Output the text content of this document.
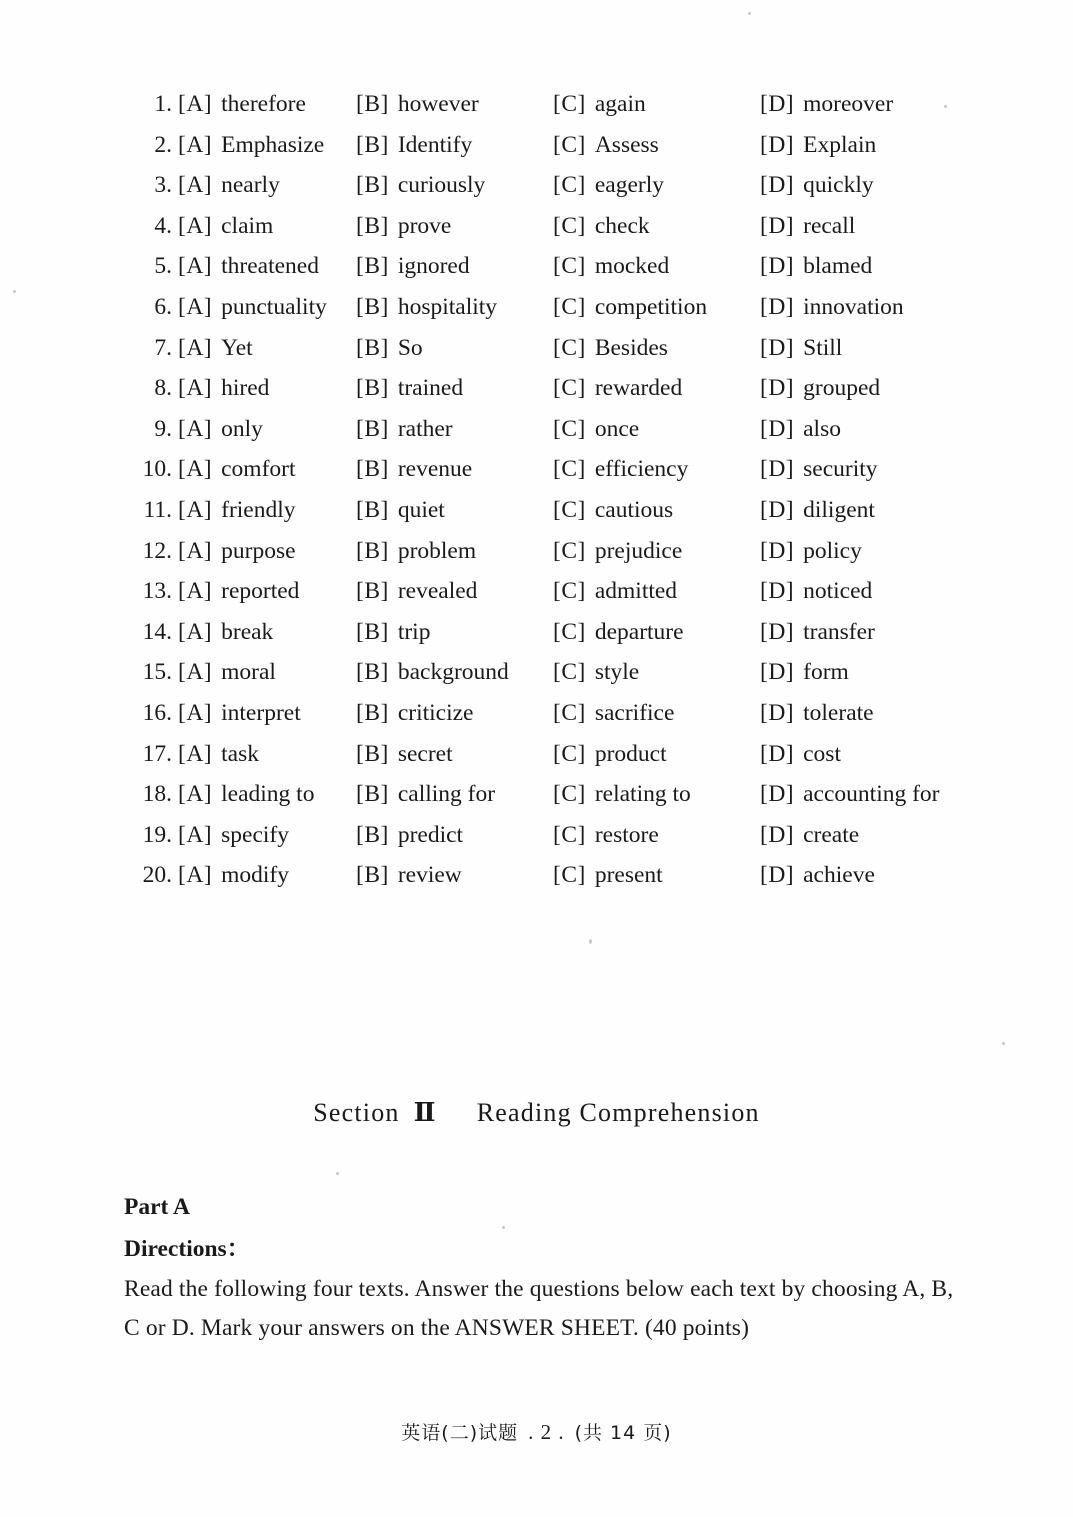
1. [A] therefore [B] however	[C] again	[D] moreover
2. [A] Emphasize [B] Identify	[C] Assess	[D] Explain
3. [A] nearly	[B] curiously	[C] eagerly	[D] quickly
4. [A] claim	[B] prove	[C] check	[D] recall
5. [A] threatened [B] ignored	[C] mocked	[D] blamed
6. [A] punctuality [B] hospitality [C] competition [D] innovation
7. [A] Yet	[B] So	[C] Besides	[D] Still
8. [A] hired	[B] trained	[C] rewarded	[D] grouped
9. [A] only	[B] rather	[C] once	[D] also
10. [A] comfort	[B] revenue	[C] efficiency	[D] security
11. [A] friendly	[B] quiet	[C] cautious	[D] diligent
12. [A] purpose	[B] problem	[C] prejudice	[D] policy
13. [A] reported [B] revealed	[C] admitted	[D] noticed
14. [A] break	[B] trip	[C] departure	[D] transfer
15. [A] moral	[B] background [C] style	[D] form
16. [A] interpret [B] criticize	[C] sacrifice	[D] tolerate
17. [A] task	[B] secret	[C] product	[D] cost
18. [A] leading to [B] calling for [C] relating to	[D] accounting for
19. [A] specify	[B] predict	[C] restore	[D] create
20. [A] modify	[B] review	[C] present	[D] achieve
Section Ⅱ Reading Comprehension
Part A
Directions：
Read the following four texts. Answer the questions below each text by choosing A, B,
C or D. Mark your answers on the ANSWER SHEET. (40 points)
英语(二)试题 . 2 . (共 14 页)
